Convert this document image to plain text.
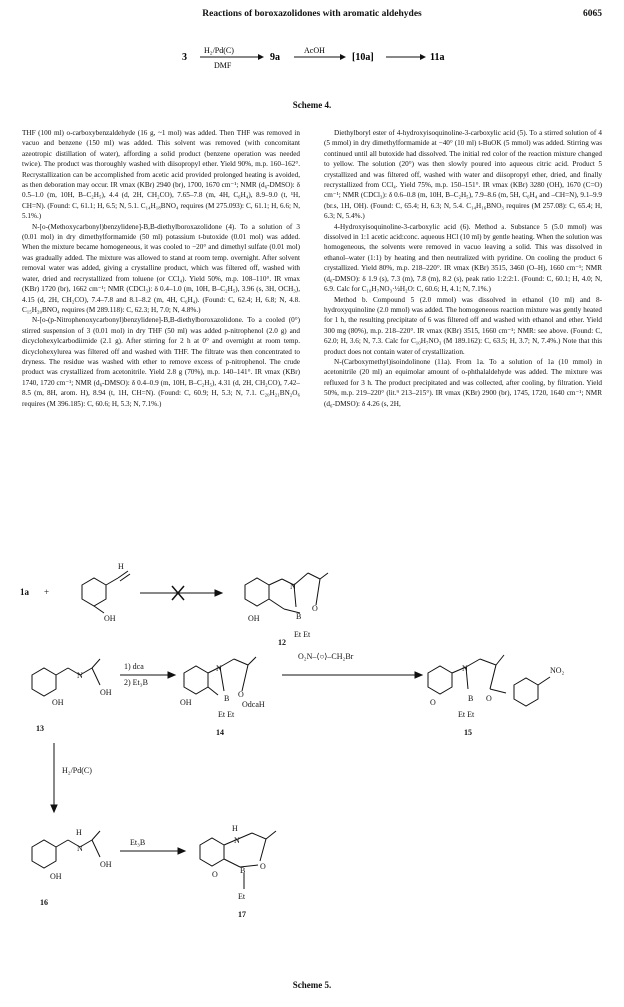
Reactions of boroxazolidones with aromatic aldehydes	6065
3
H₂/Pd(C)
DMF
9a
AcOH
[10a]	11a
Scheme 4.

THF (100 ml) o-carboxybenzaldehyde (16 g, ~1 mol) was added. Then THF was removed in vacuo and benzene (150 ml) was added. This solvent was removed (with concomitant azeotropic distillation of water), affording a solid product (benzene operation was needed twice). The product was thoroughly washed with diisopropyl ether. Yield 90%, m.p. 160–162°. Recrystallization can be accomplished from acetic acid provided prolonged heating is avoided, as then deboration may occur. IR νmax (KBr) 2940 (br), 1700, 1670 cm⁻¹; NMR (d₆-DMSO): δ 0.5–1.0 (m, 10H, B–C₂H₅), 4.4 (d, 2H, CH₂CO), 7.65–7.8 (m, 4H, C₆H₄), 8.9–9.0 (t, ¹H, CH=N). (Found: C, 61.1; H, 6.5; N, 5.1. C₁₄H₁₈BNO₄ requires (M 275.093): C, 61.1; H, 6.6; N, 5.1%.)

N-[o-(Methoxycarbonyl)benzylidene]-B,B-diethylboroxazolidone (4). To a solution of 3 (0.01 mol) in dry dimethylformamide (50 ml) potassium t-butoxide (0.01 mol) was added. When the mixture became homogeneous, it was cooled to −20° and dimethyl sulfate (0.01 mol) was gradually added. The mixture was allowed to stand at room temp. overnight. After solvent removal water was added, giving a crystalline product, which was filtered off, washed with water, dried and recrystallized from toluene (or CCl₄). Yield 50%, m.p. 108–110°. IR νmax (KBr) 1720 (br), 1662 cm⁻¹; NMR (CDCl₃): δ 0.4–1.0 (m, 10H, B–C₂H₅), 3.96 (s, 3H, OCH₃), 4.15 (d, 2H, CH₂CO), 7.4–7.8 and 8.1–8.2 (m, 4H, C₆H₄). (Found: C, 62.4; H, 6.8; N, 4.8. C₁₅H₂₀BNO₄ requires (M 289.118): C, 62.3; H, 7.0; N, 4.8%.)

N-[o-(p-Nitrophenoxycarbonyl)benzylidene]-B,B-diethylboroxazolidone. To a cooled (0°) stirred suspension of 3 (0.01 mol) in dry THF (50 ml) was added p-nitrophenol (2.0 g) and dicyclohexylcarbodiimide (2.1 g). After stirring for 2 h at 0° and overnight at room temp. dicyclohexylurea was filtered off and washed with THF. The filtrate was then concentrated to dryness. The residue was washed with ether to remove excess of p-nitrophenol. The crude product was crystallized from acetonitrile. Yield 2.8 g (70%), m.p. 140–141°. IR νmax (KBr) 1740, 1720 cm⁻¹; NMR (d₆-DMSO): δ 0.4–0.9 (m, 10H, B–C₂H₅), 4.31 (d, 2H, CH₂CO), 7.42–8.5 (m, 8H, arom. H), 8.94 (t, 1H, CH=N). (Found: C, 60.9; H, 5.3; N, 7.1. C₂₀H₂₁BN₂O₆ requires (M 396.185): C, 60.6; H, 5.3; N, 7.1%.)

Diethylboryl ester of 4-hydroxyisoquinoline-3-carboxylic acid (5). To a stirred solution of 4 (5 mmol) in dry dimethylformamide at −40° (10 ml) t-BuOK (5 mmol) was added. Stirring was continued until all butoxide had dissolved. The initial red color of the reaction mixture changed to yellow. The solution (20°) was then slowly poured into aqueous citric acid. Product 5 crystallized and was filtered off, washed with water and diisopropyl ether, dried, and finally recrystallized from CCl₄. Yield 75%, m.p. 150–151°. IR νmax (KBr) 3280 (OH), 1670 (C=O) cm⁻¹; NMR (CDCl₃): δ 0.6–0.8 (m, 10H, B–C₂H₅), 7.9–8.6 (m, 5H, C₆H₄ and –CH=N), 9.1–9.9 (br.s, 1H, OH). (Found: C, 65.4; H, 6.3; N, 5.4. C₁₄H₁₆BNO₃ requires (M 257.08): C, 65.4; H, 6.3; N, 5.4%.)

4-Hydroxyisoquinoline-3-carboxylic acid (6). Method a. Substance 5 (5.0 mmol) was dissolved in 1:1 acetic acid:conc. aqueous HCl (10 ml) by gentle heating. When the solution was homogeneous, the solvents were removed in vacuo leaving a solid. This was dissolved in ethanol–water (1:1) by heating and then neutralized with pyridine. On cooling the product 6 crystallized. Yield 80%, m.p. 218–220°. IR νmax (KBr) 3515, 3460 (O–H), 1660 cm⁻¹; NMR (d₆-DMSO): δ 1.9 (s), 7.3 (m), 7.8 (m), 8.2 (s), peak ratio 1:2:2:1. (Found: C, 60.1; H, 4.0; N, 6.9. Calc for C₁₀H₇NO₃·½H₂O: C, 60.6; H, 4.1; N, 7.1%.)

Method b. Compound 5 (2.0 mmol) was dissolved in ethanol (10 ml) and 8-hydroxyquinoline (2.0 mmol) was added. The homogeneous reaction mixture was gently heated for 1 h, the resulting precipitate of 6 was filtered off and washed with ethanol and ether. Yield 300 mg (80%), m.p. 218–220°. IR νmax (KBr) 3515, 1660 cm⁻¹; NMR: see above. (Found: C, 62.0; H, 3.6; N, 7.3. Calc for C₁₀H₇NO₃ (M 189.162): C, 63.5; H, 3.7; N, 7.4%.) Note that this product does not contain water of crystallization.

N-(Carboxymethyl)isoindolinone (11a). From 1a. To a solution of 1a (10 mmol) in acetonitrile (20 ml) an equimolar amount of o-phthalaldehyde was added. The mixture was refluxed for 3 h. The product precipitated and was collected, after cooling, by filtration. Yield 50%, m.p. 219–220° (lit.⁹ 213–215°). IR νmax (KBr) 2900 (br), 1745, 1720, 1640 cm⁻¹; NMR (d₆-DMSO): δ 4.26 (s, 2H,

1a +
H
OH
N
OH	B
O
12
Et Et
N
OH
OH
13
1) dca
2) Et₃B
N
OH	B O
Et Et
OdcaH
14
O₂N–⟨○⟩–CH₂Br
N
O	B O
NO₂
Et Et
15
H₂/Pd(C)
H
N
OH
OH
16
Et₃B
H
N
O	B O
Et
17
Scheme 5.
